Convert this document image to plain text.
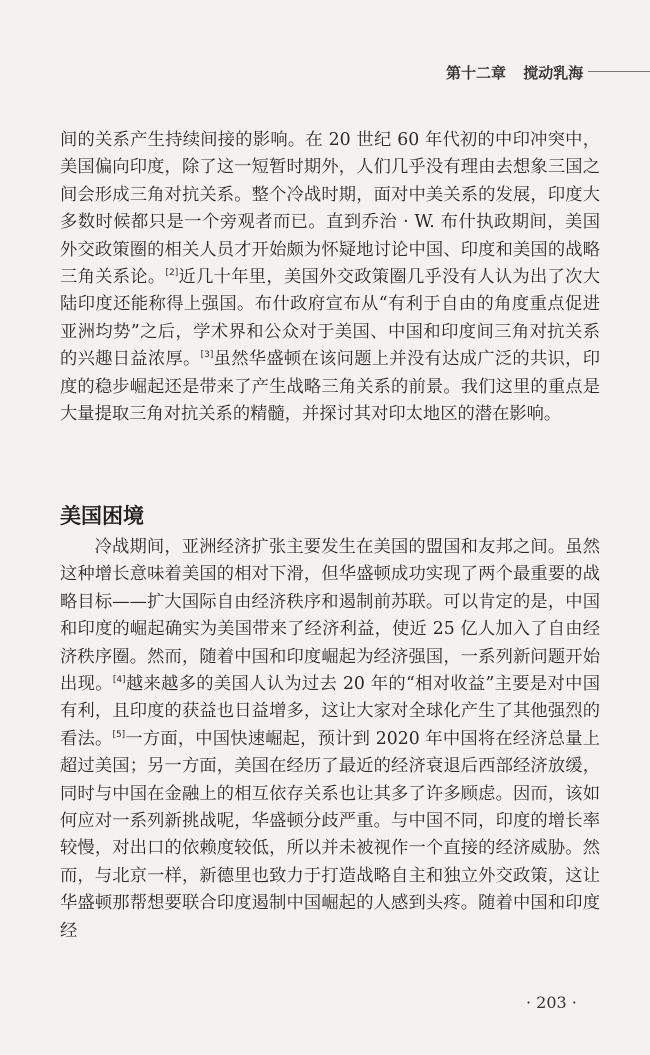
第十二章 搅动乳海

间的关系产生持续间接的影响。在 20 世纪 60 年代初的中印冲突中，美国偏向印度，除了这一短暂时期外，人们几乎没有理由去想象三国之间会形成三角对抗关系。整个冷战时期，面对中美关系的发展，印度大多数时候都只是一个旁观者而已。直到乔治 · W. 布什执政期间，美国外交政策圈的相关人员才开始颇为怀疑地讨论中国、印度和美国的战略三角关系论。[2]近几十年里，美国外交政策圈几乎没有人认为出了次大陆印度还能称得上强国。布什政府宣布从“有利于自由的角度重点促进亚洲均势”之后，学术界和公众对于美国、中国和印度间三角对抗关系的兴趣日益浓厚。[3]虽然华盛顿在该问题上并没有达成广泛的共识，印度的稳步崛起还是带来了产生战略三角关系的前景。我们这里的重点是大量提取三角对抗关系的精髓，并探讨其对印太地区的潜在影响。

美国困境

冷战期间，亚洲经济扩张主要发生在美国的盟国和友邦之间。虽然这种增长意味着美国的相对下滑，但华盛顿成功实现了两个最重要的战略目标——扩大国际自由经济秩序和遏制前苏联。可以肯定的是，中国和印度的崛起确实为美国带来了经济利益，使近 25 亿人加入了自由经济秩序圈。然而，随着中国和印度崛起为经济强国，一系列新问题开始出现。[4]越来越多的美国人认为过去 20 年的“相对收益”主要是对中国有利，且印度的获益也日益增多，这让大家对全球化产生了其他强烈的看法。[5]一方面，中国快速崛起，预计到 2020 年中国将在经济总量上超过美国；另一方面，美国在经历了最近的经济衰退后西部经济放缓，同时与中国在金融上的相互依存关系也让其多了许多顾虑。因而，该如何应对一系列新挑战呢，华盛顿分歧严重。与中国不同，印度的增长率较慢，对出口的依赖度较低，所以并未被视作一个直接的经济威胁。然而，与北京一样，新德里也致力于打造战略自主和独立外交政策，这让华盛顿那帮想要联合印度遏制中国崛起的人感到头疼。随着中国和印度经

· 203 ·
